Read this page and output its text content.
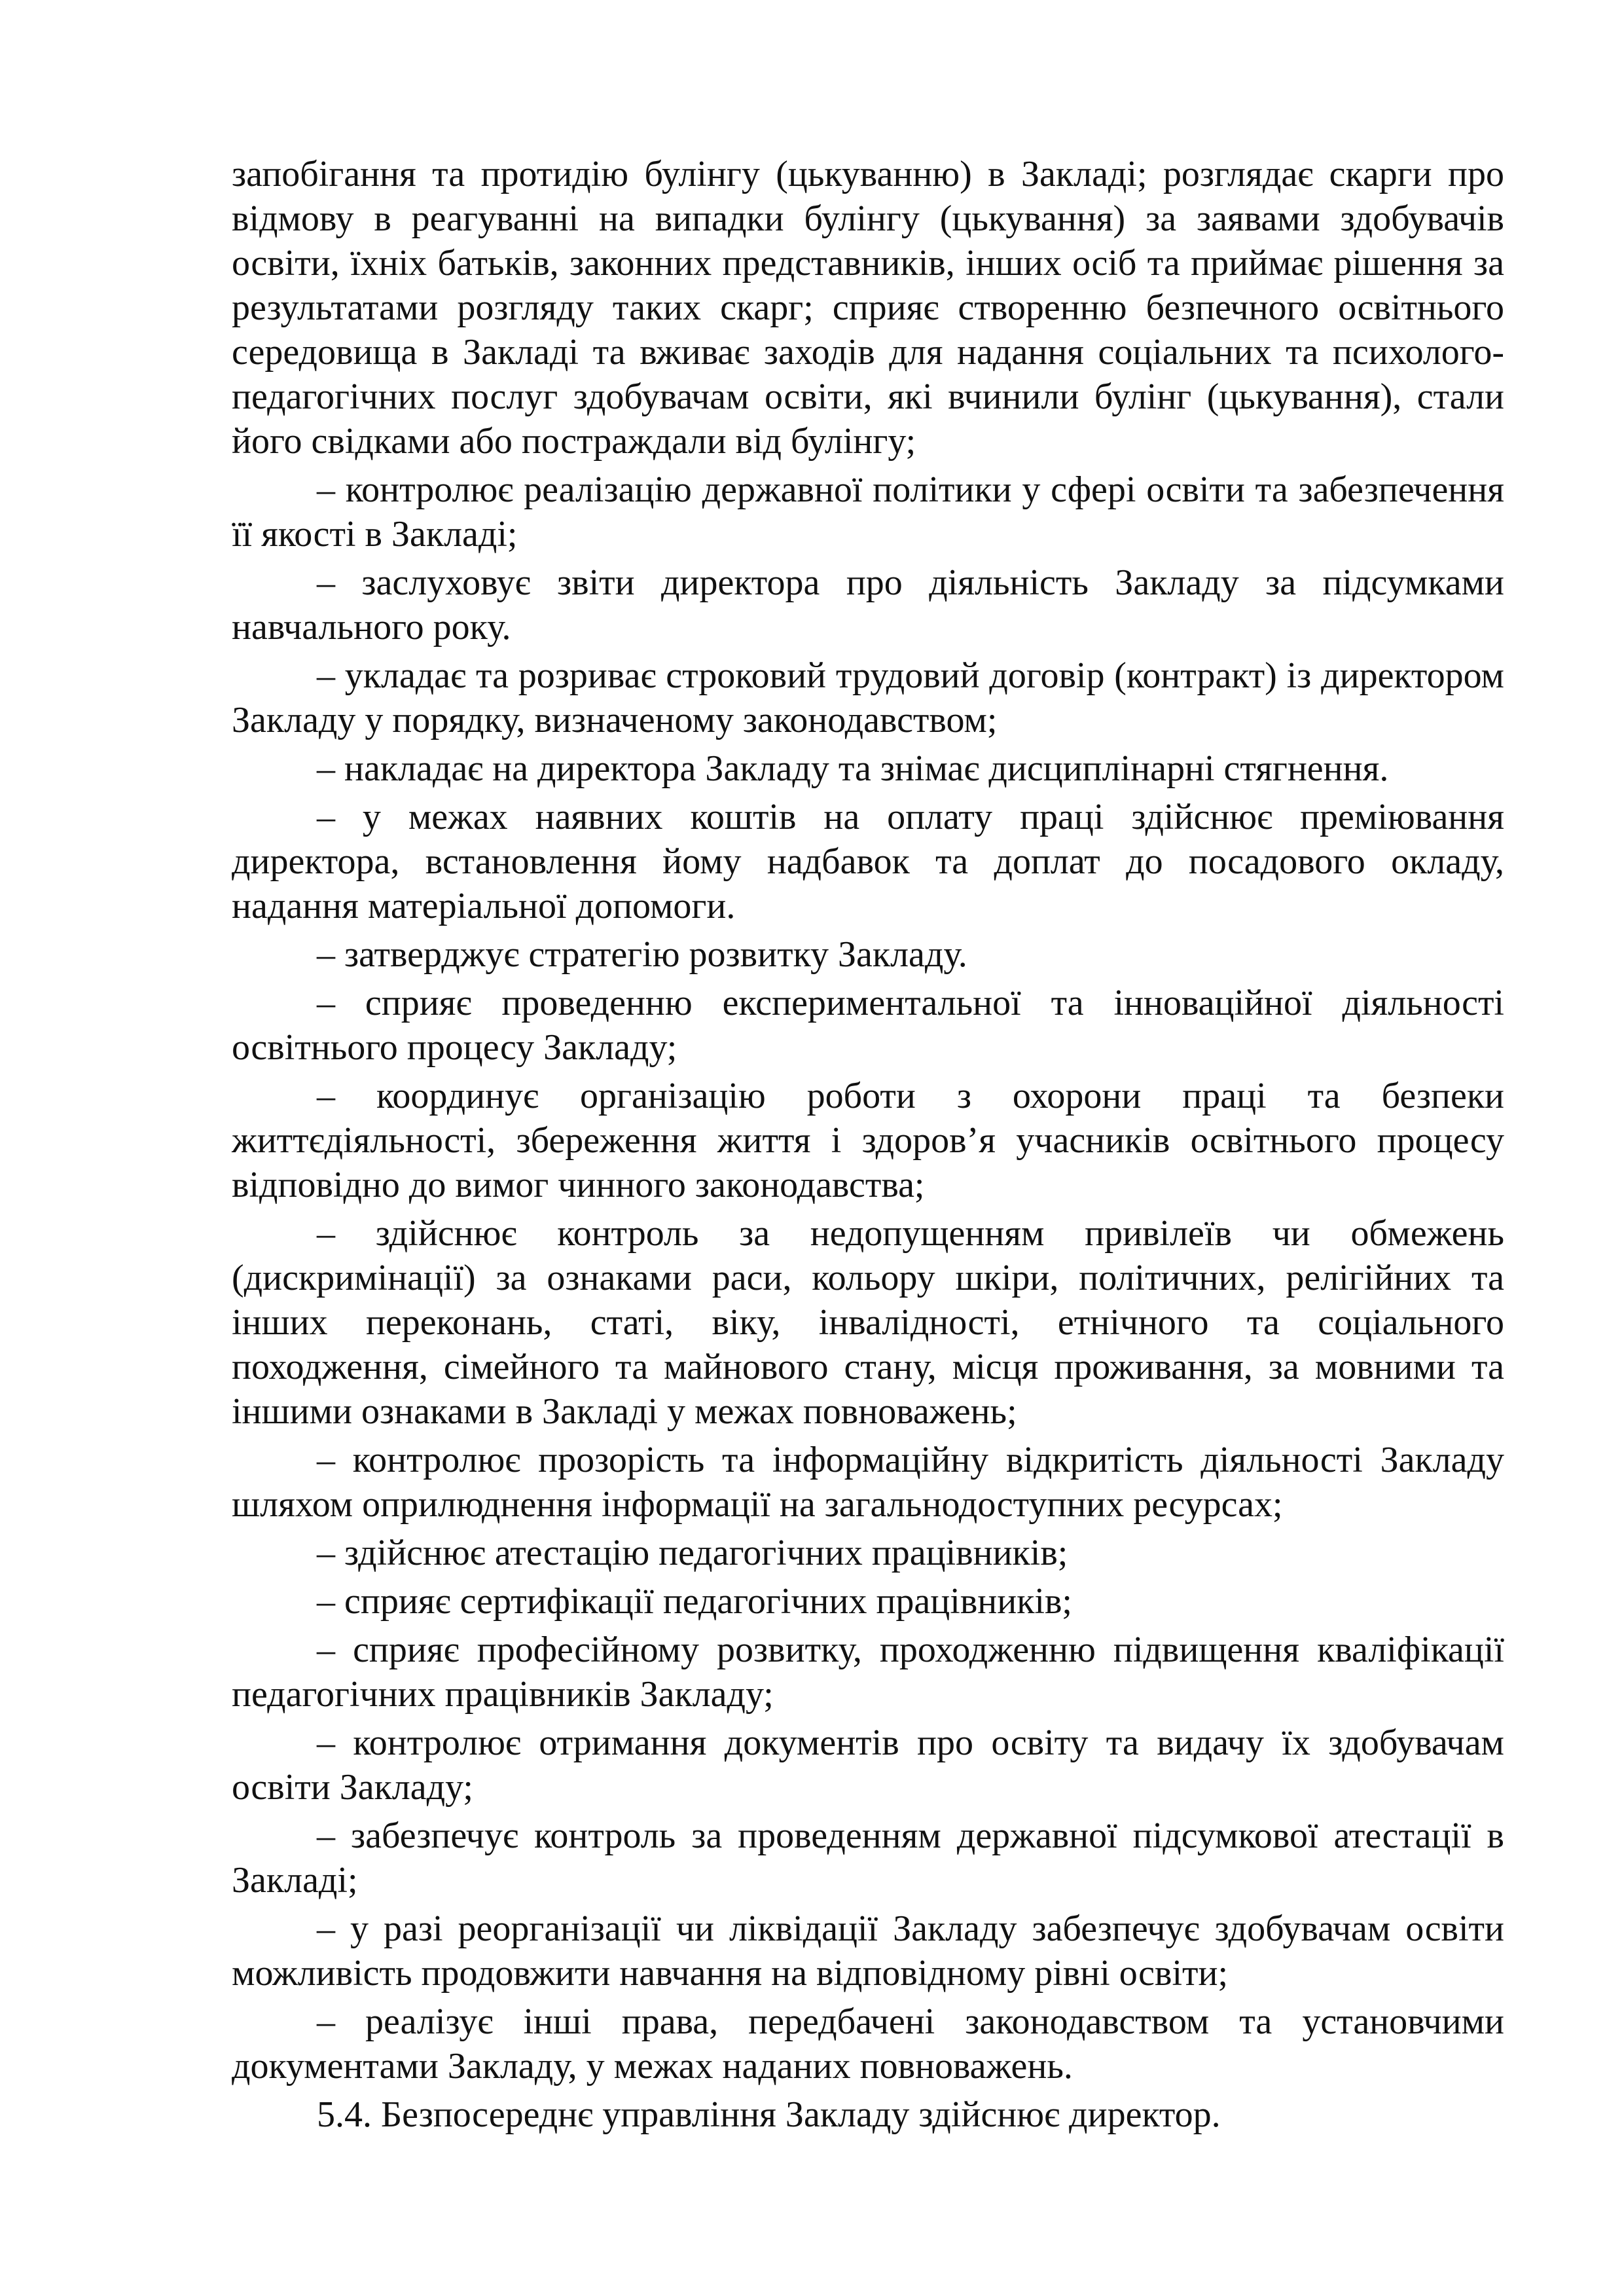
запобігання та протидію булінгу (цькуванню) в Закладі; розглядає скарги про відмову в реагуванні на випадки булінгу (цькування) за заявами здобувачів освіти, їхніх батьків, законних представників, інших осіб та приймає рішення за результатами розгляду таких скарг; сприяє створенню безпечного освітнього середовища в Закладі та вживає заходів для надання соціальних та психолого-педагогічних послуг здобувачам освіти, які вчинили булінг (цькування), стали його свідками або постраждали від булінгу;

– контролює реалізацію державної політики у сфері освіти та забезпечення її якості в Закладі;

– заслуховує звіти директора про діяльність Закладу за підсумками навчального року.

– укладає та розриває строковий трудовий договір (контракт) із директором Закладу у порядку, визначеному законодавством;

– накладає на директора Закладу та знімає дисциплінарні стягнення.

– у межах наявних коштів на оплату праці здійснює преміювання директора, встановлення йому надбавок та доплат до посадового окладу, надання матеріальної допомоги.

– затверджує стратегію розвитку Закладу.

– сприяє проведенню експериментальної та інноваційної діяльності освітнього процесу Закладу;

– координує організацію роботи з охорони праці та безпеки життєдіяльності, збереження життя і здоров’я учасників освітнього процесу відповідно до вимог чинного законодавства;

– здійснює контроль за недопущенням привілеїв чи обмежень (дискримінації) за ознаками раси, кольору шкіри, політичних, релігійних та інших переконань, статі, віку, інвалідності, етнічного та соціального походження, сімейного та майнового стану, місця проживання, за мовними та іншими ознаками в Закладі у межах повноважень;

– контролює прозорість та інформаційну відкритість діяльності Закладу шляхом оприлюднення інформації на загальнодоступних ресурсах;

– здійснює атестацію педагогічних працівників;

– сприяє сертифікації педагогічних працівників;

– сприяє професійному розвитку, проходженню підвищення кваліфікації педагогічних працівників Закладу;

– контролює отримання документів про освіту та видачу їх здобувачам освіти Закладу;

– забезпечує контроль за проведенням державної підсумкової атестації в Закладі;

– у разі реорганізації чи ліквідації Закладу забезпечує здобувачам освіти можливість продовжити навчання на відповідному рівні освіти;

– реалізує інші права, передбачені законодавством та установчими документами Закладу, у межах наданих повноважень.

5.4. Безпосереднє управління Закладу здійснює директор.
